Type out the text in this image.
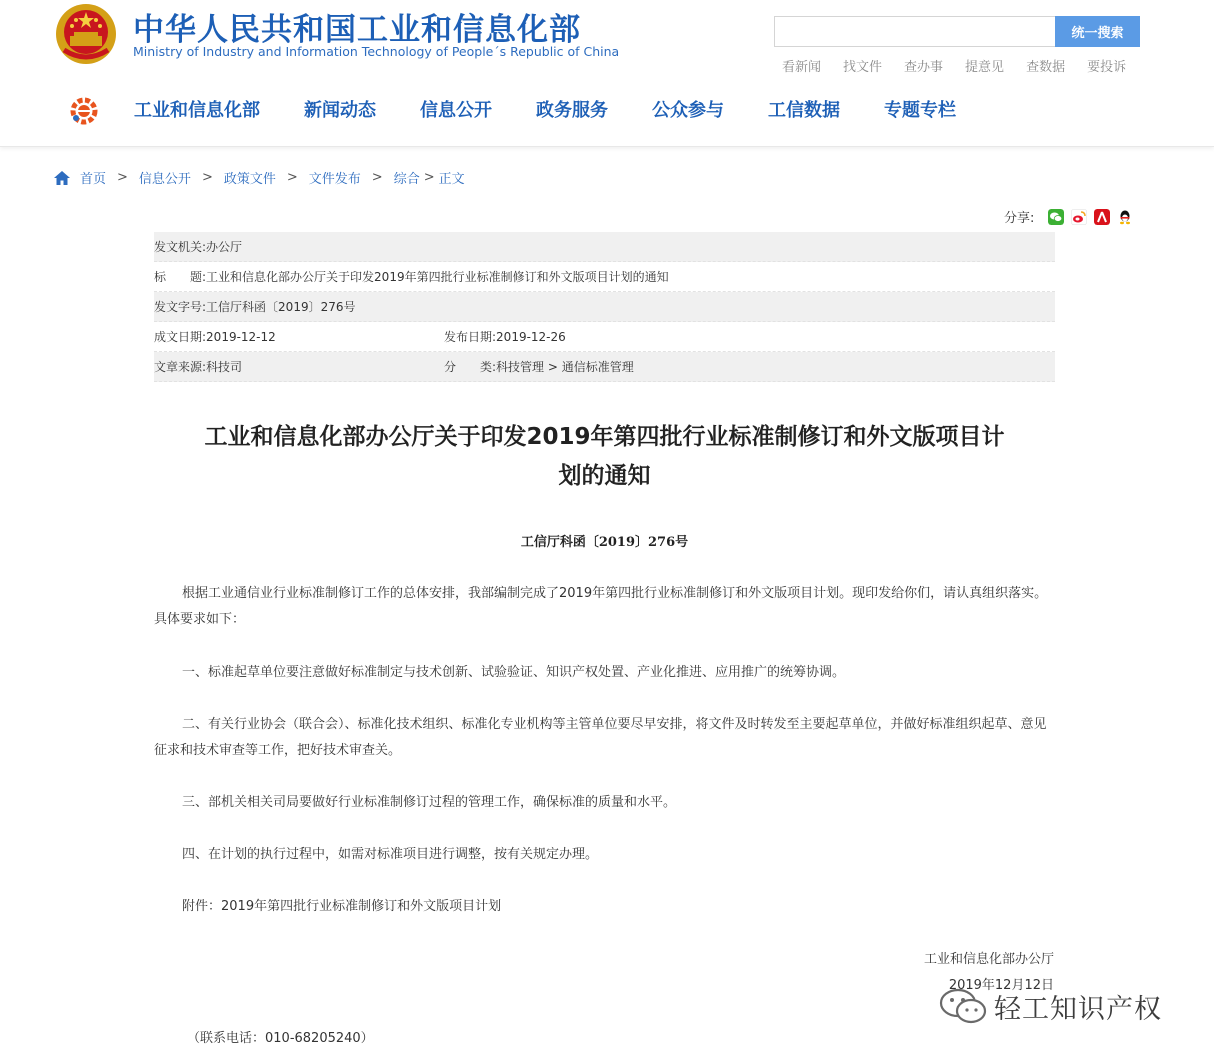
中华人民共和国工业和信息化部
Ministry of Industry and Information Technology of People´s Republic of China
统一搜索
看新闻 找文件 查办事 提意见 查数据 要投诉
工业和信息化部 新闻动态 信息公开 政务服务 公众参与 工信数据 专题专栏
首页 > 信息公开 > 政策文件 > 文件发布 > 综合 > 正文
分享:
发文机关: 办公厅
标　　题: 工业和信息化部办公厅关于印发2019年第四批行业标准制修订和外文版项目计划的通知
发文字号: 工信厅科函〔2019〕276号
成文日期: 2019-12-12	发布日期:2019-12-26
文章来源: 科技司	分　　类:科技管理 > 通信标准管理
工业和信息化部办公厅关于印发2019年第四批行业标准制修订和外文版项目计
划的通知
工信厅科函〔2019〕276号

根据工业通信业行业标准制修订工作的总体安排，我部编制完成了2019年第四批行业标准制修订和外文版项目计划。现印发给你们，请认真组织落实。具体要求如下：

一、标准起草单位要注意做好标准制定与技术创新、试验验证、知识产权处置、产业化推进、应用推广的统筹协调。

二、有关行业协会（联合会）、标准化技术组织、标准化专业机构等主管单位要尽早安排，将文件及时转发至主要起草单位，并做好标准组织起草、意见征求和技术审查等工作，把好技术审查关。

三、部机关相关司局要做好行业标准制修订过程的管理工作，确保标准的质量和水平。

四、在计划的执行过程中，如需对标准项目进行调整，按有关规定办理。

附件：2019年第四批行业标准制修订和外文版项目计划

工业和信息化部办公厅
2019年12月12日
（联系电话：010-68205240）
轻工知识产权
